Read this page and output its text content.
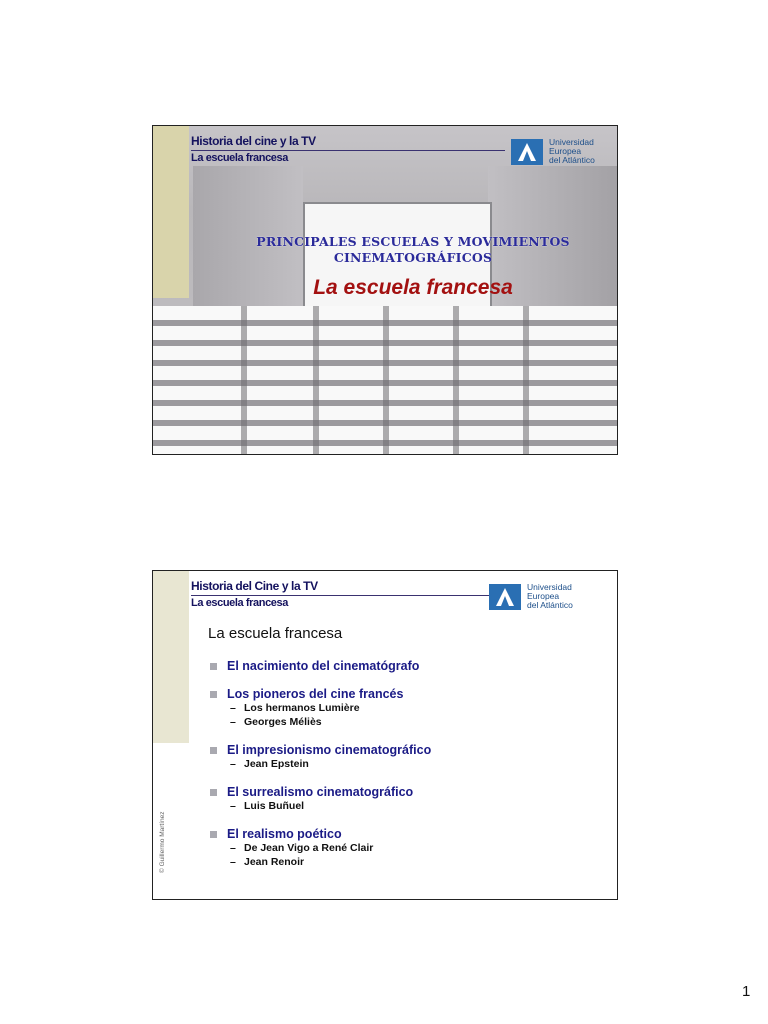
Historia del cine y la TV
La escuela francesa
Universidad
Europea
del Atlántico
PRINCIPALES ESCUELAS Y MOVIMIENTOS
CINEMATOGRÁFICOS
La escuela francesa
Historia del Cine y la TV
La escuela francesa
Universidad
Europea
del Atlántico
La escuela francesa
El nacimiento del cinematógrafo
Los pioneros del cine francés
– Los hermanos Lumière
– Georges Méliès
El impresionismo cinematográfico
– Jean Epstein
El surrealismo cinematográfico
– Luis Buñuel
El realismo poético
– De Jean Vigo a René Clair
– Jean Renoir
© Guillermo Martínez
1
